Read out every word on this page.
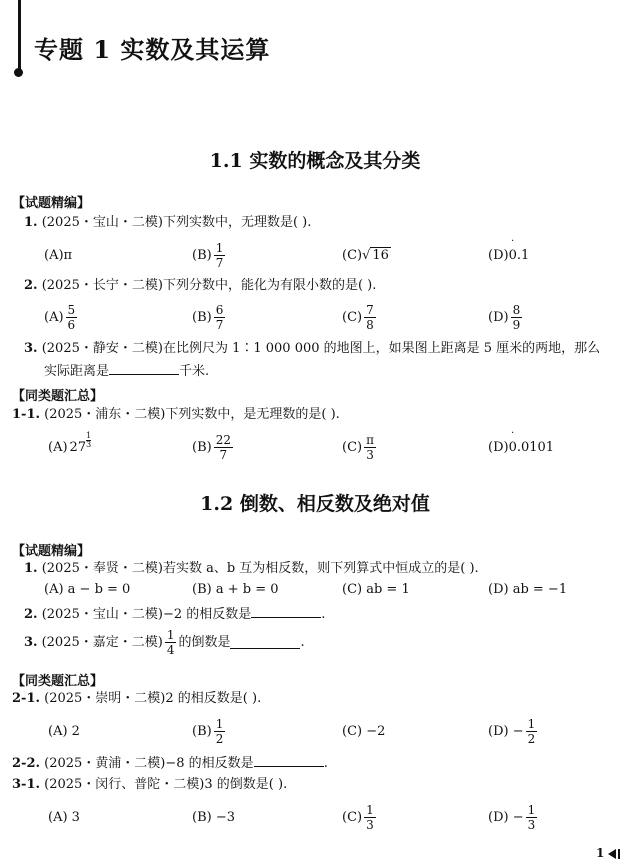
专题 1 实数及其运算
1.1 实数的概念及其分类
【试题精编】
1. (2025・宝山・二模)下列实数中，无理数是( ).
(A)π	$(B) \frac{1}{7}$	(C) √ 16	(D) ˙ 0.1
2. (2025・长宁・二模)下列分数中，能化为有限小数的是( ).
$(A) \frac{5}{6}$	$(B) \frac{6}{7}$	$(C) \frac{7}{8}$	$(D) \frac{8}{9}$
3. (2025・静安・二模)在比例尺为 1∶1 000 000 的地图上，如果图上距离是 5 厘米的两地，那么
实际距离是	千米.
【同类题汇总】
1-1. (2025・浦东・二模)下列实数中，是无理数的是( ).
(A) 27
1
3	$(B) \frac{22}{7}$	$(C) \frac{\pi}{3}$	(D) ˙ 0.0101
1.2 倒数、相反数及绝对值
【试题精编】
1. (2025・奉贤・二模)若实数 a、b 互为相反数，则下列算式中恒成立的是( ).
(A) a − b = 0	(B) a + b = 0	(C) ab = 1	(D) ab = −1
2. (2025・宝山・二模)−2 的相反数是	.
3. (2025・嘉定・二模) $\frac{1}{4}$ 的倒数是	.
【同类题汇总】
2-1. (2025・崇明・二模)2 的相反数是( ).
(A) 2	$(B) \frac{1}{2}$	(C) −2	$(D) - \frac{1}{2}$
2-2. (2025・黄浦・二模)−8 的相反数是	.
3-1. (2025・闵行、普陀・二模)3 的倒数是( ).
(A) 3	(B) −3	$(C) \frac{1}{3}$	$(D) - \frac{1}{3}$
1
